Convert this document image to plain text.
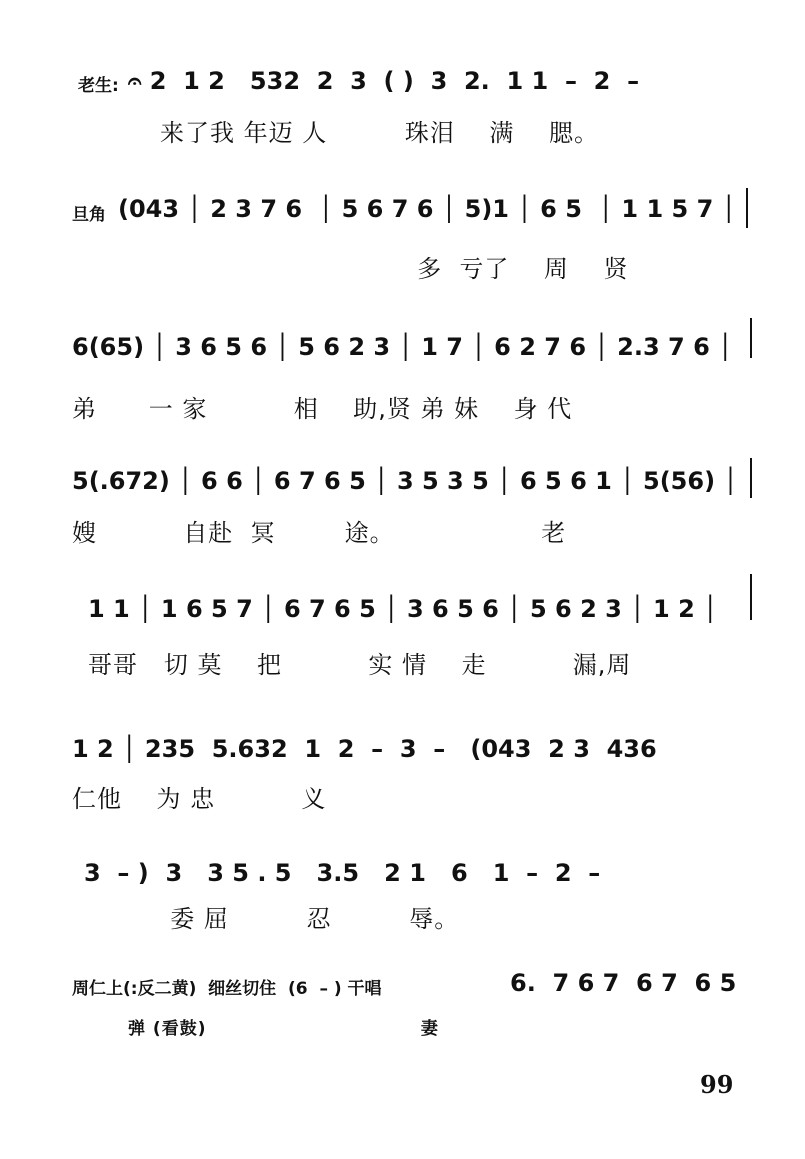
老生: 𝄐 2  1 2   532  2  3  ( )  3  2.  1 1  –  2  –
来了我 年迈 人         珠泪    满    腮。
旦角 (043 │ 2 3 7 6  │ 5 6 7 6 │ 5)1 │ 6 5  │ 1 1 5 7 │
多  亏了    周    贤
6(65) │ 3 6 5 6 │ 5 6 2 3 │ 1 7 │ 6 2 7 6 │ 2.3 7 6 │
弟      一 家          相    助,贤 弟 妹    身 代
5(.672) │ 6 6 │ 6 7 6 5 │ 3 5 3 5 │ 6 5 6 1 │ 5(56) │
嫂          自赴  冥        途。                 老
1 1 │ 1 6 5 7 │ 6 7 6 5 │ 3 6 5 6 │ 5 6 2 3 │ 1 2 │
哥哥   切 莫    把          实 情    走          漏,周
1 2 │ 235  5.632  1  2  –  3  –   (043  2 3  436
仁他    为 忠          义
3  – )  3   3 5 . 5   3.5   2 1   6   1  –  2  –
委 屈         忍         辱。
周仁上(:反二黄)  细丝切住  (6  – ) 干唱	6.  7 6 7  6 7  6 5
弹 (看鼓)                               妻
99
